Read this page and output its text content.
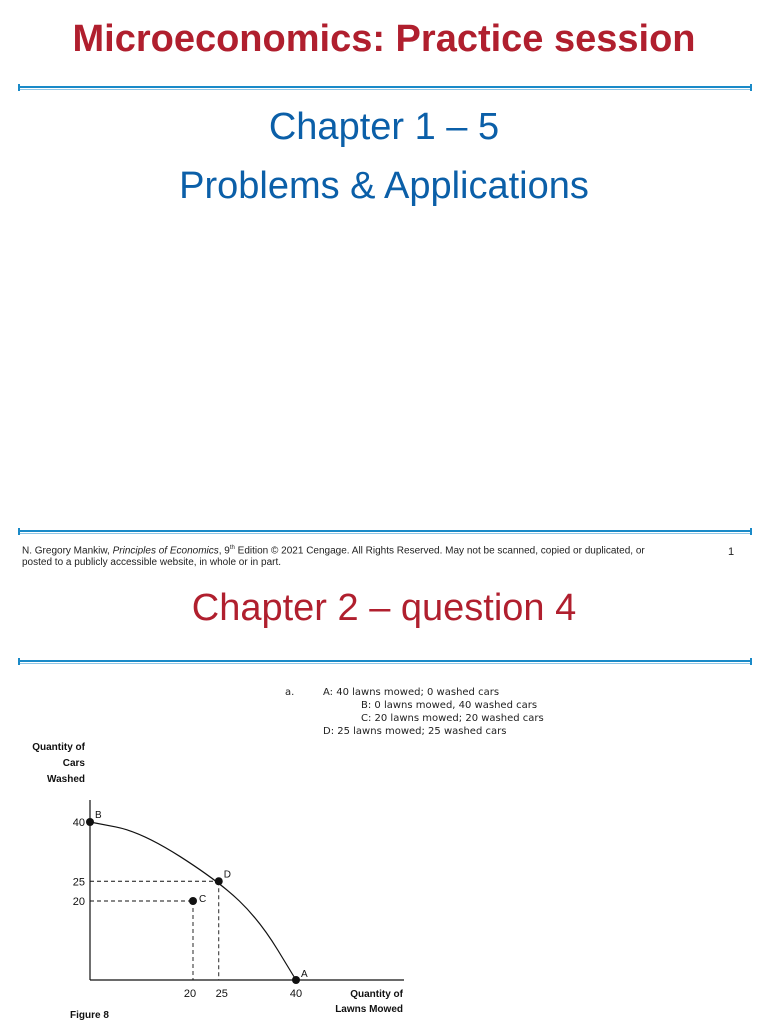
Microeconomics: Practice session
Chapter 1 – 5
Problems & Applications
N. Gregory Mankiw, Principles of Economics, 9th Edition © 2021 Cengage. All Rights Reserved. May not be scanned, copied or duplicated, or
posted to a publicly accessible website, in whole or in part.
1
Chapter 2 – question 4
a.	A: 40 lawns mowed; 0 washed cars
B: 0 lawns mowed, 40 washed cars
C: 20 lawns mowed; 20 washed cars
D: 25 lawns mowed; 25 washed cars
Quantity of
Cars
Washed
Quantity of
Lawns Mowed
20 25	40
20
25
40
A
B
C
D
Figure 8
